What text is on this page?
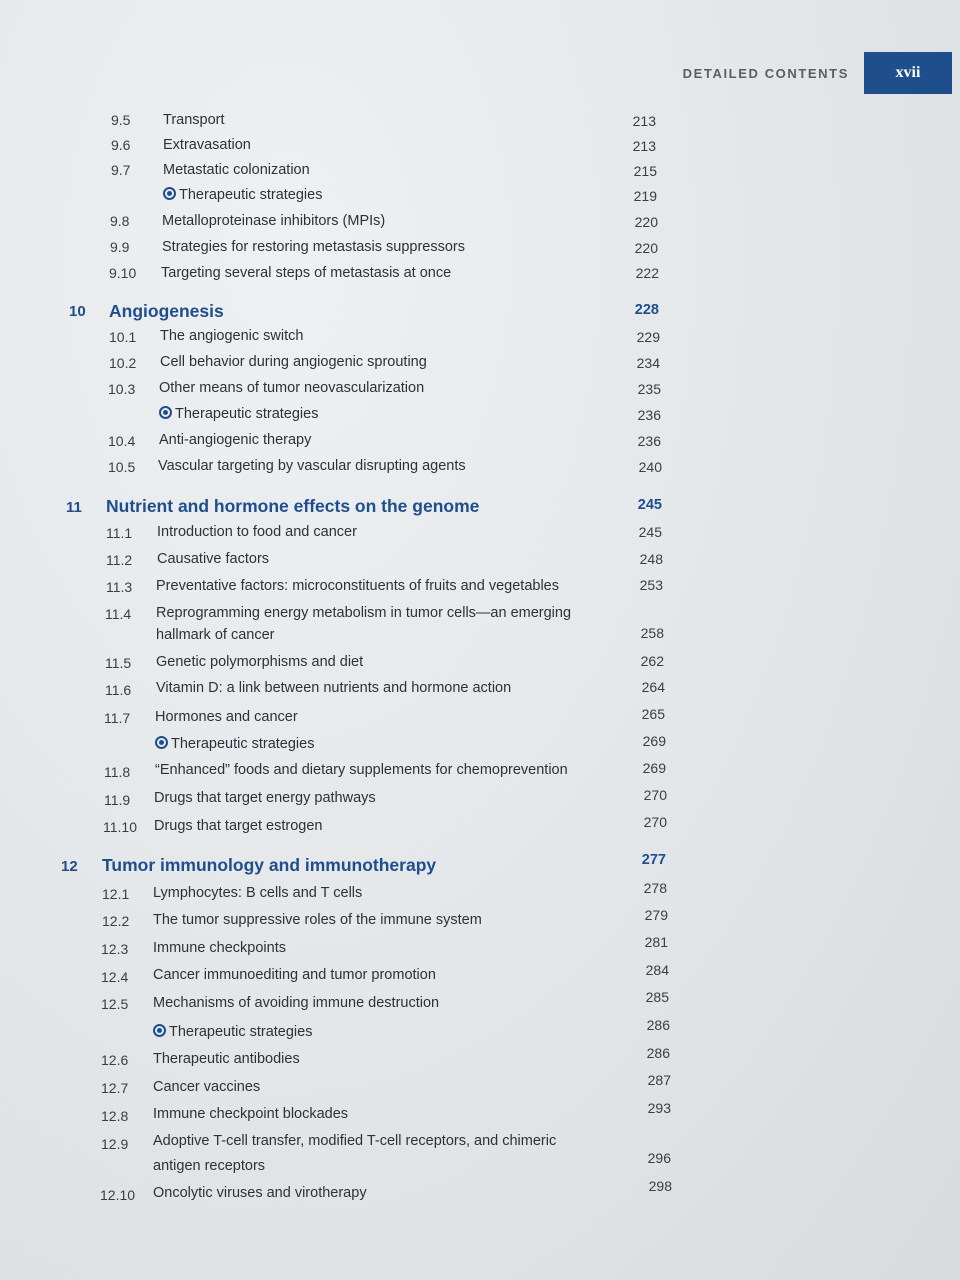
DETAILED CONTENTS	xvii
9.5 Transport	213
9.6 Extravasation	213
9.7 Metastatic colonization	215
Therapeutic strategies	219
9.8 Metalloproteinase inhibitors (MPIs)	220
9.9 Strategies for restoring metastasis suppressors	220
9.10 Targeting several steps of metastasis at once	222
10 Angiogenesis	228
10.1 The angiogenic switch	229
10.2 Cell behavior during angiogenic sprouting	234
10.3 Other means of tumor neovascularization	235
Therapeutic strategies	236
10.4 Anti-angiogenic therapy	236
10.5 Vascular targeting by vascular disrupting agents	240
11 Nutrient and hormone effects on the genome	245
11.1 Introduction to food and cancer	245
11.2 Causative factors	248
11.3 Preventative factors: microconstituents of fruits and vegetables	253
11.4 Reprogramming energy metabolism in tumor cells—an emerging
hallmark of cancer	258
11.5 Genetic polymorphisms and diet	262
11.6 Vitamin D: a link between nutrients and hormone action	264
11.7 Hormones and cancer	265
Therapeutic strategies	269
11.8 “Enhanced” foods and dietary supplements for chemoprevention	269
11.9 Drugs that target energy pathways	270
11.10 Drugs that target estrogen	270
12 Tumor immunology and immunotherapy	277
12.1 Lymphocytes: B cells and T cells	278
12.2 The tumor suppressive roles of the immune system	279
12.3 Immune checkpoints	281
12.4 Cancer immunoediting and tumor promotion	284
12.5 Mechanisms of avoiding immune destruction	285
Therapeutic strategies	286
12.6 Therapeutic antibodies	286
12.7 Cancer vaccines	287
12.8 Immune checkpoint blockades	293
12.9 Adoptive T-cell transfer, modified T-cell receptors, and chimeric
antigen receptors	296
12.10 Oncolytic viruses and virotherapy	298
